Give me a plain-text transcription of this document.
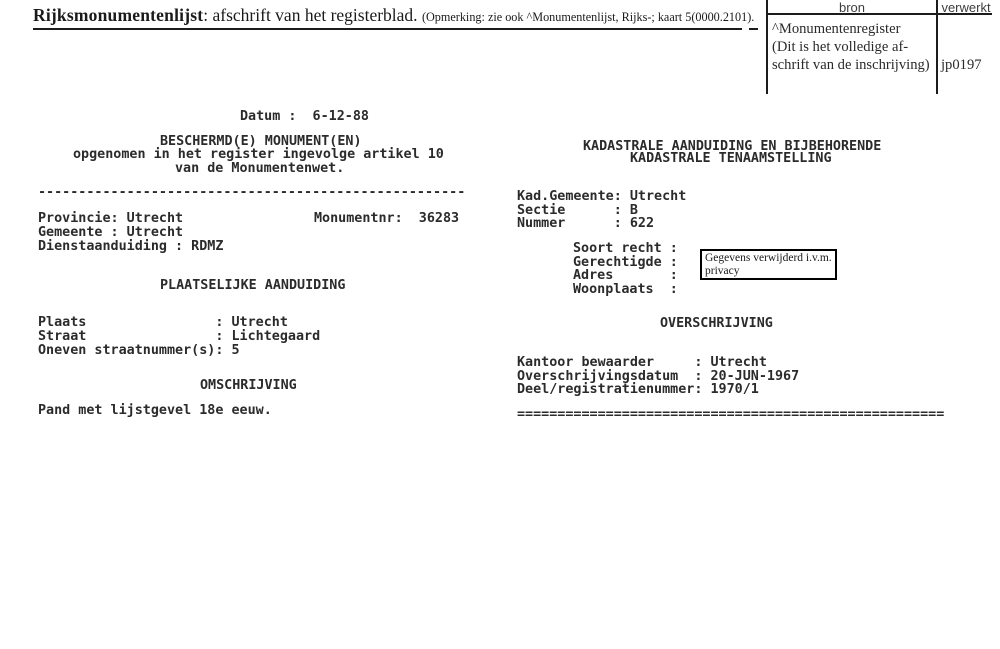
Rijksmonumentenlijst: afschrift van het registerblad. (Opmerking: zie ook ^Monumentenlijst, Rijks-; kaart 5(0000.2101).
bron	verwerkt
^Monumentenregister
(Dit is het volledige af-
schrift van de inschrijving) jp0197
Datum :  6-12-88
BESCHERMD(E) MONUMENT(EN)
opgenomen in het register ingevolge artikel 10
van de Monumentenwet.
-----------------------------------------------------
Provincie: Utrecht	Monumentnr:  36283
Gemeente : Utrecht
Dienstaanduiding : RDMZ
PLAATSELIJKE AANDUIDING
Plaats                : Utrecht
Straat                : Lichtegaard
Oneven straatnummer(s): 5
OMSCHRIJVING
Pand met lijstgevel 18e eeuw.
KADASTRALE AANDUIDING EN BIJBEHORENDE
KADASTRALE TENAAMSTELLING
Kad.Gemeente: Utrecht
Sectie      : B
Nummer      : 622
Soort recht :
Gerechtigde :
Adres       :
Woonplaats  :
Gegevens verwijderd i.v.m.
privacy
OVERSCHRIJVING
Kantoor bewaarder     : Utrecht
Overschrijvingsdatum  : 20-JUN-1967
Deel/registratienummer: 1970/1
=====================================================
